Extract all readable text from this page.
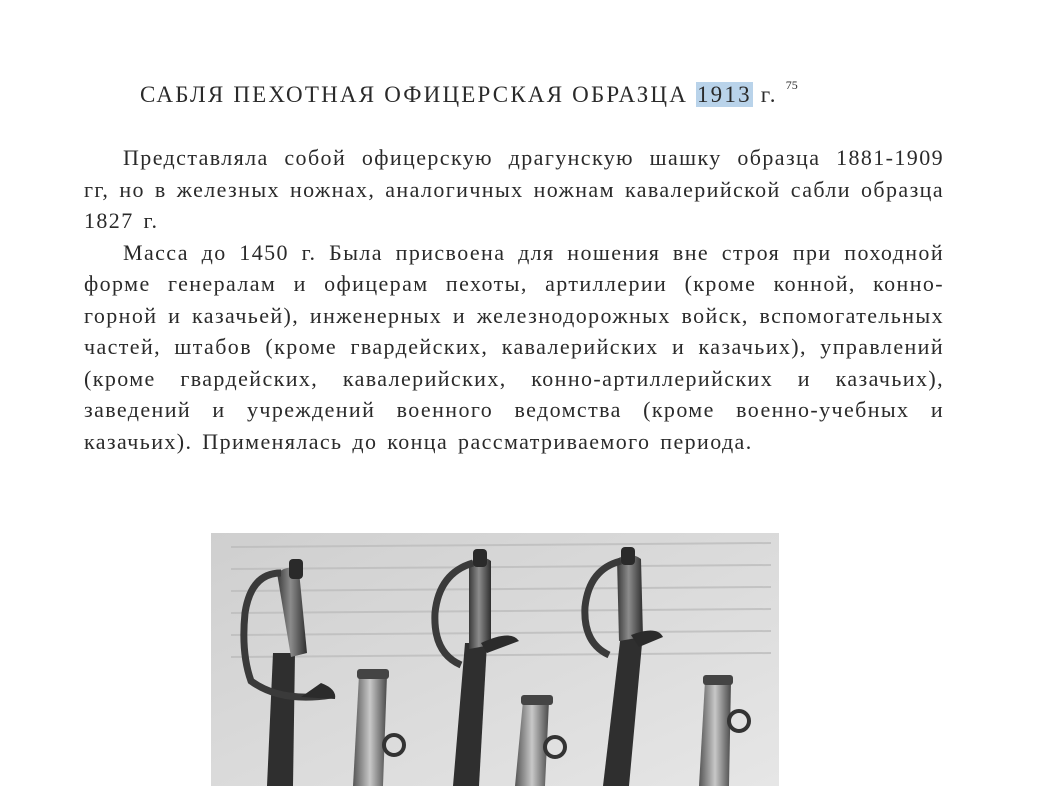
САБЛЯ ПЕХОТНАЯ ОФИЦЕРСКАЯ ОБРАЗЦА 1913 г. $^{75}$

Представляла собой офицерскую драгунскую шашку образца 1881-1909 гг, но в железных ножнах, аналогичных ножнам кавалерийской сабли образца 1827 г.

Масса до 1450 г. Была присвоена для ношения вне строя при походной форме генералам и офицерам пехоты, артиллерии (кроме конной, конно-горной и казачьей), инженерных и железнодорожных войск, вспомогательных частей, штабов (кроме гвардейских, кавалерийских и казачьих), управлений (кроме гвардейских, кавалерийских, конно-артиллерийских и казачьих), заведений и учреждений военного ведомства (кроме военно-учебных и казачьих). Применялась до конца рассматриваемого периода.
